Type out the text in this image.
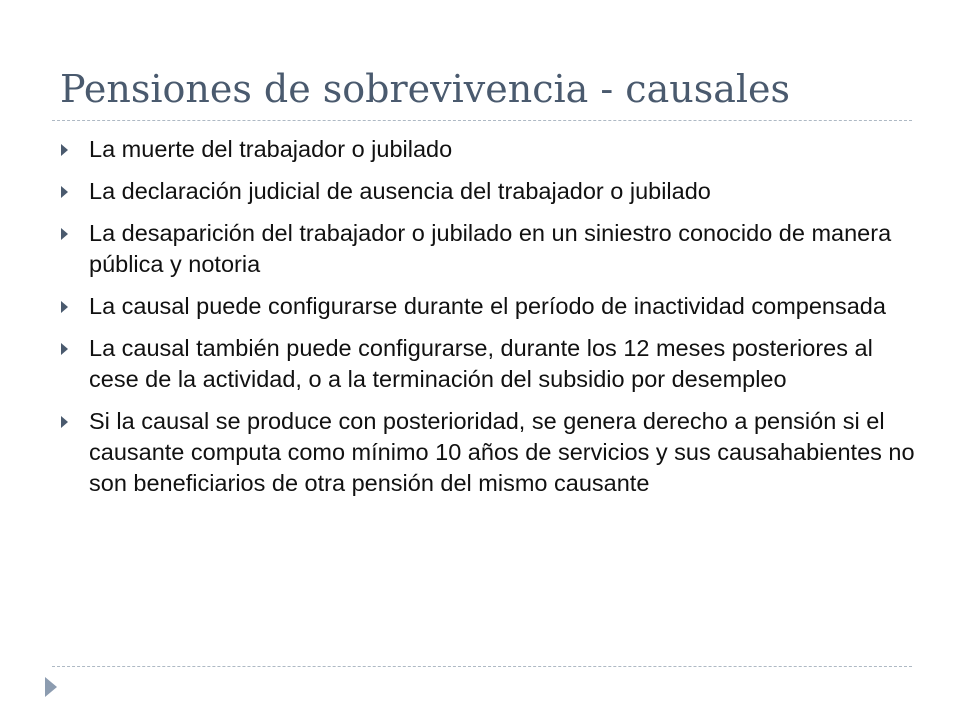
Pensiones de sobrevivencia - causales
La muerte del trabajador o jubilado
La declaración judicial de ausencia del trabajador o jubilado
La desaparición del trabajador o jubilado en un siniestro conocido de manera pública y notoria
La causal puede configurarse durante el período de inactividad compensada
La causal también puede configurarse, durante los 12 meses posteriores al cese de la actividad, o a la terminación del subsidio por desempleo
Si la causal se produce con posterioridad, se genera derecho a pensión si el causante computa como mínimo 10 años de servicios y sus causahabientes no son beneficiarios de otra pensión del mismo causante
